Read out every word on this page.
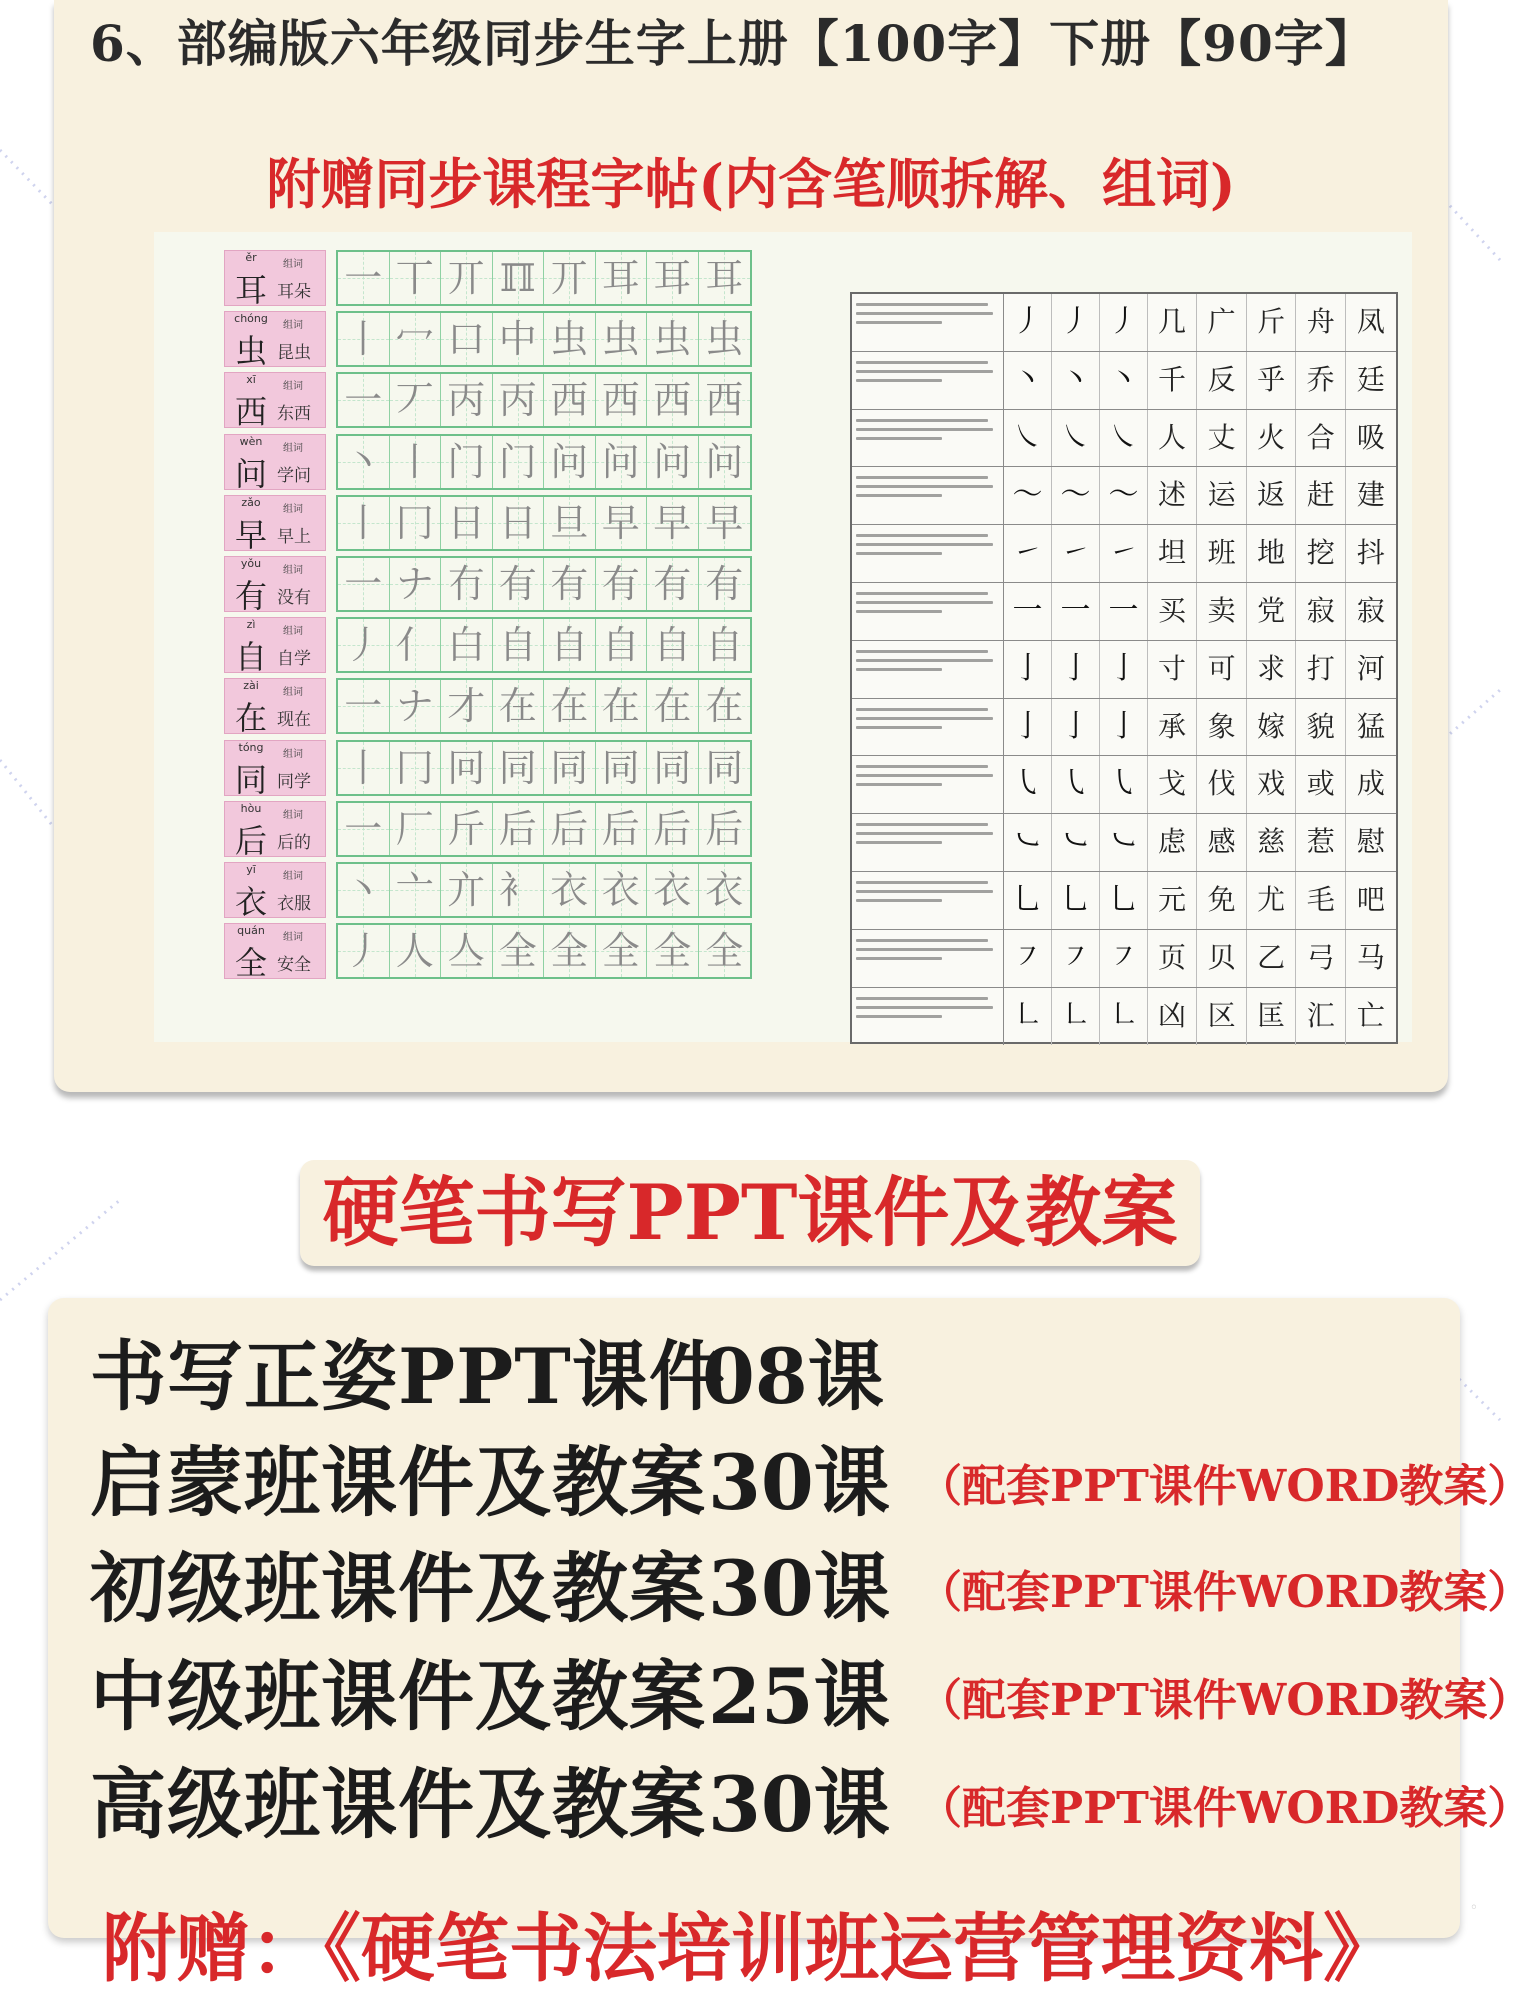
6、部编版六年级同步生字上册【100字】下册【90字】
附赠同步课程字帖(内含笔顺拆解、组词)
ěr
耳
组词
耳朵 一 丅 丌 ℿ 丌 耳 耳 耳
chóng
虫
组词
昆虫 丨 冖 口 中 虫 虫 虫 虫
xī
西
组词
东西 一 丆 丙 丙 西 西 西 西
wèn
问
组词
学问 丶 丨 门 门 问 问 问 问
zǎo
早
组词
早上 丨 冂 日 日 旦 早 早 早
yǒu
有
组词
没有 一 ナ 冇 有 有 有 有 有
zì
自
组词
自学 丿 亻 白 自 自 自 自 自
zài
在
组词
现在 一 ナ 才 在 在 在 在 在
tóng
同
组词
同学 丨 冂 冋 同 同 同 同 同
hòu
后
组词
后的 一 厂 斤 后 后 后 后 后
yī
衣
组词
衣服 丶 亠 亣 衤 衣 衣 衣 衣
quán
全
组词
安全 丿 人 亼 全 全 全 全 全
丿 丿 丿 几 广 斤 舟 凤
丶 丶 丶 千 反 乎 乔 廷
㇏ ㇏ ㇏ 人 丈 火 合 吸
〜 〜 〜 述 运 返 赶 建
㇀ ㇀ ㇀ 坦 班 地 挖 抖
一 一 一 买 卖 党 寂 寂
亅 亅 亅 寸 可 求 打 河
亅 亅 亅 承 象 嫁 貌 猛
㇂ ㇂ ㇂ 戈 伐 戏 或 成
㇃ ㇃ ㇃ 虑 感 慈 惹 慰
乚 乚 乚 元 免 尤 毛 吧
㇇ ㇇ ㇇ 页 贝 乙 弓 马
㇗ ㇗ ㇗ 凶 区 匡 汇 亡
硬笔书写PPT课件及教案
附赠：《硬笔书法培训班运营管理资料》
书写正姿PPT课件
08课
启蒙班课件及教案 30课 （配套PPT课件WORD教案）
初级班课件及教案 30课 （配套PPT课件WORD教案）
中级班课件及教案 25课 （配套PPT课件WORD教案）
高级班课件及教案 30课 （配套PPT课件WORD教案）
◦
